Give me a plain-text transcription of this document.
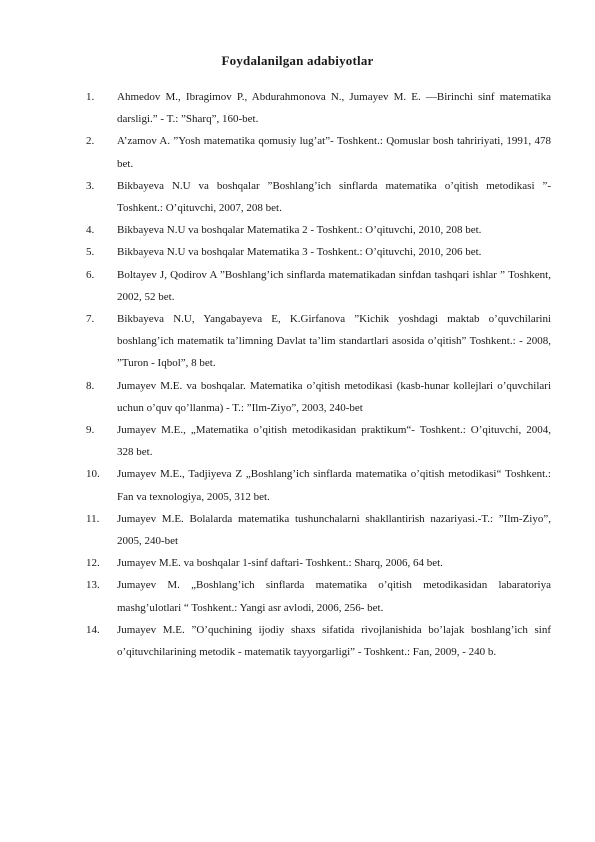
Foydalanilgan adabiyotlar
1.	Ahmedov M., Ibragimov P., Abdurahmonova N., Jumayev M. E. ―Birinchi sinf matematika darsligi.” - T.: ”Sharq”, 160-bet.
2.	A’zamov A. ”Yosh matematika qomusiy lug’at”- Toshkent.: Qomuslar bosh tahririyati, 1991, 478 bet.
3.	Bikbayeva N.U va boshqalar ”Boshlang’ich sinflarda matematika o’qitish metodikasi ”- Toshkent.: O’qituvchi, 2007, 208 bet.
4.	Bikbayeva N.U va boshqalar Matematika 2 - Toshkent.: O’qituvchi, 2010, 208 bet.
5.	Bikbayeva N.U va boshqalar Matematika 3 - Toshkent.: O’qituvchi, 2010, 206 bet.
6.	Boltayev J, Qodirov A ”Boshlang’ich sinflarda matematikadan sinfdan tashqari ishlar ” Toshkent, 2002, 52 bet.
7.	Bikbayeva N.U, Yangabayeva E, K.Girfanova ”Kichik yoshdagi maktab o’quvchilarini boshlang’ich matematik ta’limning Davlat ta’lim standartlari asosida o’qitish” Toshkent.: - 2008, ”Turon - Iqbol”, 8 bet.
8.	Jumayev M.E. va boshqalar. Matematika o’qitish metodikasi (kasb-hunar kollejlari o’quvchilari uchun o’quv qo’llanma) - T.: ”Ilm-Ziyo”, 2003, 240-bet
9.	Jumayev M.E., „Matematika o’qitish metodikasidan praktikum“- Toshkent.: O’qituvchi, 2004, 328 bet.
10.	Jumayev M.E., Tadjiyeva Z „Boshlang’ich sinflarda matematika o’qitish metodikasi“ Toshkent.: Fan va texnologiya, 2005, 312 bet.
11.	Jumayev M.E. Bolalarda matematika tushunchalarni shakllantirish nazariyasi.-T.: ”Ilm-Ziyo”, 2005, 240-bet
12.	Jumayev M.E. va boshqalar 1-sinf daftari- Toshkent.: Sharq, 2006, 64 bet.
13.	Jumayev M. „Boshlang’ich sinflarda matematika o’qitish metodikasidan labaratoriya mashg’ulotlari “ Toshkent.: Yangi asr avlodi, 2006, 256- bet.
14.	Jumayev M.E. ”O’quchining ijodiy shaxs sifatida rivojlanishida bo’lajak boshlang’ich sinf o’qituvchilarining metodik - matematik tayyorgarligi” - Toshkent.: Fan, 2009, - 240 b.
